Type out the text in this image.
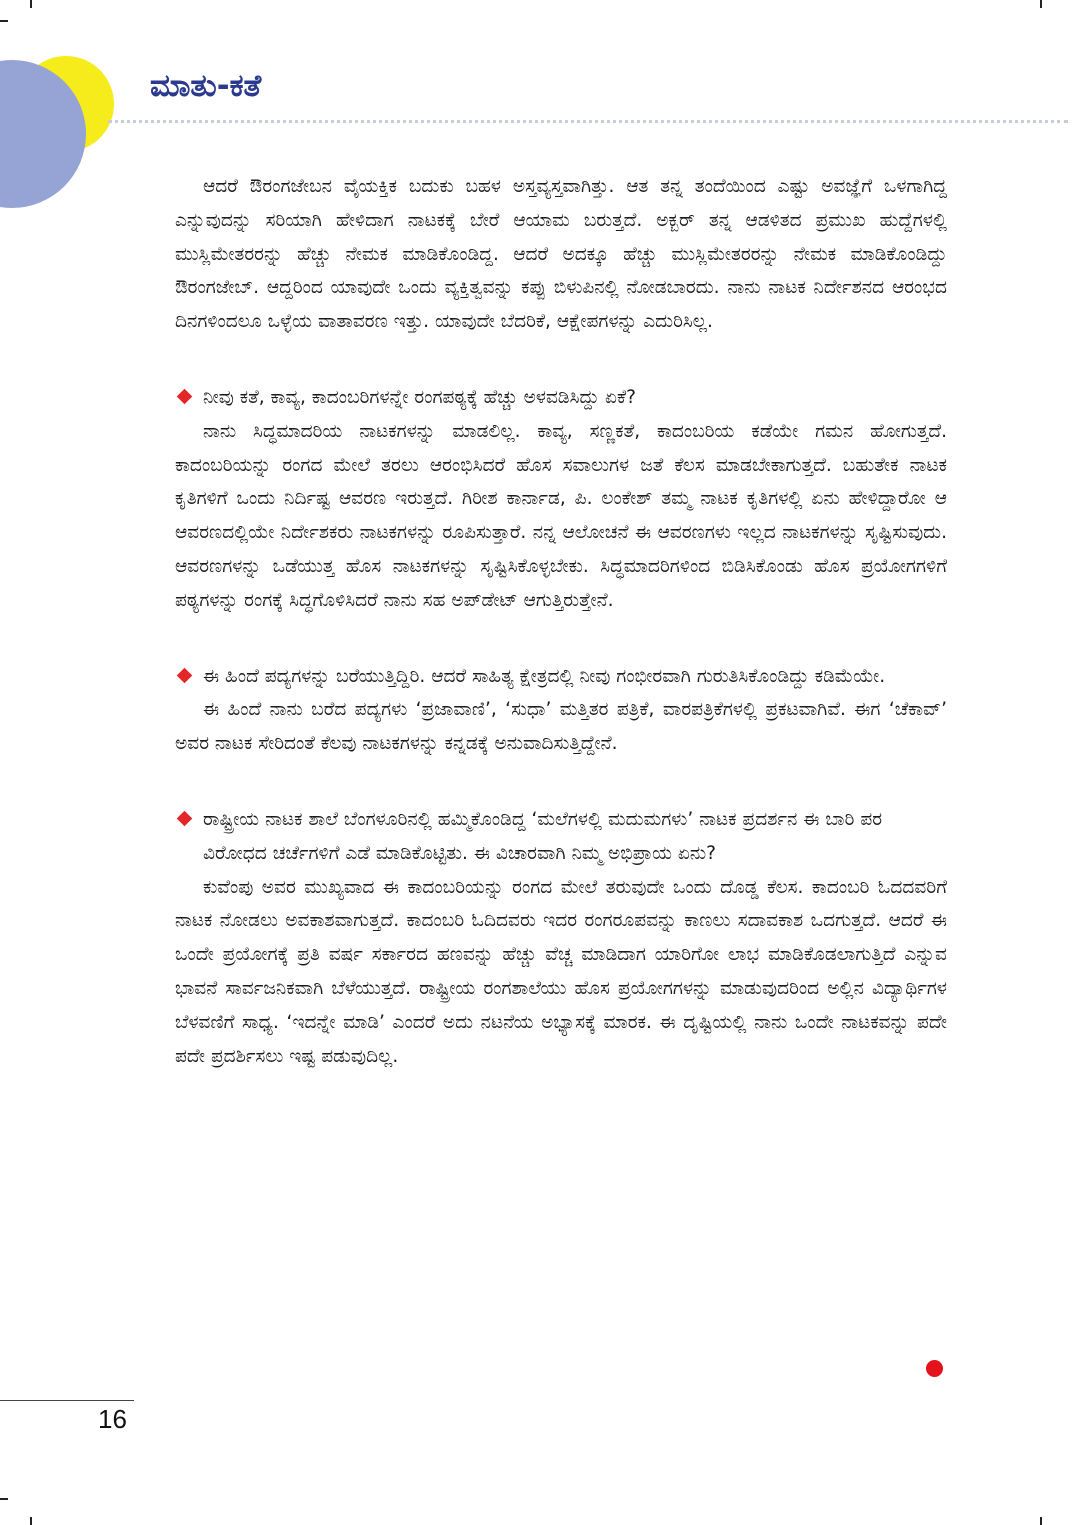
ಮಾತು-ಕತೆ

ಆದರೆ ಔರಂಗಜೇಬನ ವೈಯಕ್ತಿಕ ಬದುಕು ಬಹಳ ಅಸ್ತವ್ಯಸ್ತವಾಗಿತ್ತು. ಆತ ತನ್ನ ತಂದೆಯಿಂದ ಎಷ್ಟು ಅವಜ್ಞೆಗೆ ಒಳಗಾಗಿದ್ದ ಎನ್ನುವುದನ್ನು ಸರಿಯಾಗಿ ಹೇಳಿದಾಗ ನಾಟಕಕ್ಕೆ ಬೇರೆ ಆಯಾಮ ಬರುತ್ತದೆ. ಅಕ್ಬರ್ ತನ್ನ ಆಡಳಿತದ ಪ್ರಮುಖ ಹುದ್ದೆಗಳಲ್ಲಿ ಮುಸ್ಲಿಮೇತರರನ್ನು ಹೆಚ್ಚು ನೇಮಕ ಮಾಡಿಕೊಂಡಿದ್ದ. ಆದರೆ ಅದಕ್ಕೂ ಹೆಚ್ಚು ಮುಸ್ಲಿಮೇತರರನ್ನು ನೇಮಕ ಮಾಡಿಕೊಂಡಿದ್ದು ಔರಂಗಜೇಬ್. ಆದ್ದರಿಂದ ಯಾವುದೇ ಒಂದು ವ್ಯಕ್ತಿತ್ವವನ್ನು ಕಪ್ಪು ಬಿಳುಪಿನಲ್ಲಿ ನೋಡಬಾರದು. ನಾನು ನಾಟಕ ನಿರ್ದೇಶನದ ಆರಂಭದ ದಿನಗಳಿಂದಲೂ ಒಳ್ಳೆಯ ವಾತಾವರಣ ಇತ್ತು. ಯಾವುದೇ ಬೆದರಿಕೆ, ಆಕ್ಷೇಪಗಳನ್ನು ಎದುರಿಸಿಲ್ಲ.

ನೀವು ಕತೆ, ಕಾವ್ಯ, ಕಾದಂಬರಿಗಳನ್ನೇ ರಂಗಪಠ್ಯಕ್ಕೆ ಹೆಚ್ಚು ಅಳವಡಿಸಿದ್ದು ಏಕೆ?

ನಾನು ಸಿದ್ಧಮಾದರಿಯ ನಾಟಕಗಳನ್ನು ಮಾಡಲಿಲ್ಲ. ಕಾವ್ಯ, ಸಣ್ಣಕತೆ, ಕಾದಂಬರಿಯ ಕಡೆಯೇ ಗಮನ ಹೋಗುತ್ತದೆ. ಕಾದಂಬರಿಯನ್ನು ರಂಗದ ಮೇಲೆ ತರಲು ಆರಂಭಿಸಿದರೆ ಹೊಸ ಸವಾಲುಗಳ ಜತೆ ಕೆಲಸ ಮಾಡಬೇಕಾಗುತ್ತದೆ. ಬಹುತೇಕ ನಾಟಕ ಕೃತಿಗಳಿಗೆ ಒಂದು ನಿರ್ದಿಷ್ಟ ಆವರಣ ಇರುತ್ತದೆ. ಗಿರೀಶ ಕಾರ್ನಾಡ, ಪಿ. ಲಂಕೇಶ್ ತಮ್ಮ ನಾಟಕ ಕೃತಿಗಳಲ್ಲಿ ಏನು ಹೇಳಿದ್ದಾರೋ ಆ ಆವರಣದಲ್ಲಿಯೇ ನಿರ್ದೇಶಕರು ನಾಟಕಗಳನ್ನು ರೂಪಿಸುತ್ತಾರೆ. ನನ್ನ ಆಲೋಚನೆ ಈ ಆವರಣಗಳು ಇಲ್ಲದ ನಾಟಕಗಳನ್ನು ಸೃಷ್ಟಿಸುವುದು. ಆವರಣಗಳನ್ನು ಒಡೆಯುತ್ತ ಹೊಸ ನಾಟಕಗಳನ್ನು ಸೃಷ್ಟಿಸಿಕೊಳ್ಳಬೇಕು. ಸಿದ್ಧಮಾದರಿಗಳಿಂದ ಬಿಡಿಸಿಕೊಂಡು ಹೊಸ ಪ್ರಯೋಗಗಳಿಗೆ ಪಠ್ಯಗಳನ್ನು ರಂಗಕ್ಕೆ ಸಿದ್ಧಗೊಳಿಸಿದರೆ ನಾನು ಸಹ ಅಪ್‌ಡೇಟ್ ಆಗುತ್ತಿರುತ್ತೇನೆ.

ಈ ಹಿಂದೆ ಪದ್ಯಗಳನ್ನು ಬರೆಯುತ್ತಿದ್ದಿರಿ. ಆದರೆ ಸಾಹಿತ್ಯ ಕ್ಷೇತ್ರದಲ್ಲಿ ನೀವು ಗಂಭೀರವಾಗಿ ಗುರುತಿಸಿಕೊಂಡಿದ್ದು ಕಡಿಮೆಯೇ.

ಈ ಹಿಂದೆ ನಾನು ಬರೆದ ಪದ್ಯಗಳು ‘ಪ್ರಜಾವಾಣಿ’, ‘ಸುಧಾ’ ಮತ್ತಿತರ ಪತ್ರಿಕೆ, ವಾರಪತ್ರಿಕೆಗಳಲ್ಲಿ ಪ್ರಕಟವಾಗಿವೆ. ಈಗ ‘ಚೆಕಾವ್’ ಅವರ ನಾಟಕ ಸೇರಿದಂತೆ ಕೆಲವು ನಾಟಕಗಳನ್ನು ಕನ್ನಡಕ್ಕೆ ಅನುವಾದಿಸುತ್ತಿದ್ದೇನೆ.

ರಾಷ್ಟ್ರೀಯ ನಾಟಕ ಶಾಲೆ ಬೆಂಗಳೂರಿನಲ್ಲಿ ಹಮ್ಮಿಕೊಂಡಿದ್ದ ‘ಮಲೆಗಳಲ್ಲಿ ಮದುಮಗಳು’ ನಾಟಕ ಪ್ರದರ್ಶನ ಈ ಬಾರಿ ಪರ ವಿರೋಧದ ಚರ್ಚೆಗಳಿಗೆ ಎಡೆ ಮಾಡಿಕೊಟ್ಟಿತು. ಈ ವಿಚಾರವಾಗಿ ನಿಮ್ಮ ಅಭಿಪ್ರಾಯ ಏನು?

ಕುವೆಂಪು ಅವರ ಮುಖ್ಯವಾದ ಈ ಕಾದಂಬರಿಯನ್ನು ರಂಗದ ಮೇಲೆ ತರುವುದೇ ಒಂದು ದೊಡ್ಡ ಕೆಲಸ. ಕಾದಂಬರಿ ಓದದವರಿಗೆ ನಾಟಕ ನೋಡಲು ಅವಕಾಶವಾಗುತ್ತದೆ. ಕಾದಂಬರಿ ಓದಿದವರು ಇದರ ರಂಗರೂಪವನ್ನು ಕಾಣಲು ಸದಾವಕಾಶ ಒದಗುತ್ತದೆ. ಆದರೆ ಈ ಒಂದೇ ಪ್ರಯೋಗಕ್ಕೆ ಪ್ರತಿ ವರ್ಷ ಸರ್ಕಾರದ ಹಣವನ್ನು ಹೆಚ್ಚು ವೆಚ್ಚ ಮಾಡಿದಾಗ ಯಾರಿಗೋ ಲಾಭ ಮಾಡಿಕೊಡಲಾಗುತ್ತಿದೆ ಎನ್ನುವ ಭಾವನೆ ಸಾರ್ವಜನಿಕವಾಗಿ ಬೆಳೆಯುತ್ತದೆ. ರಾಷ್ಟ್ರೀಯ ರಂಗಶಾಲೆಯು ಹೊಸ ಪ್ರಯೋಗಗಳನ್ನು ಮಾಡುವುದರಿಂದ ಅಲ್ಲಿನ ವಿದ್ಯಾರ್ಥಿಗಳ ಬೆಳವಣಿಗೆ ಸಾಧ್ಯ. ‘ಇದನ್ನೇ ಮಾಡಿ’ ಎಂದರೆ ಅದು ನಟನೆಯ ಅಭ್ಯಾಸಕ್ಕೆ ಮಾರಕ. ಈ ದೃಷ್ಟಿಯಲ್ಲಿ ನಾನು ಒಂದೇ ನಾಟಕವನ್ನು ಪದೇ ಪದೇ ಪ್ರದರ್ಶಿಸಲು ಇಷ್ಟ ಪಡುವುದಿಲ್ಲ.

16
